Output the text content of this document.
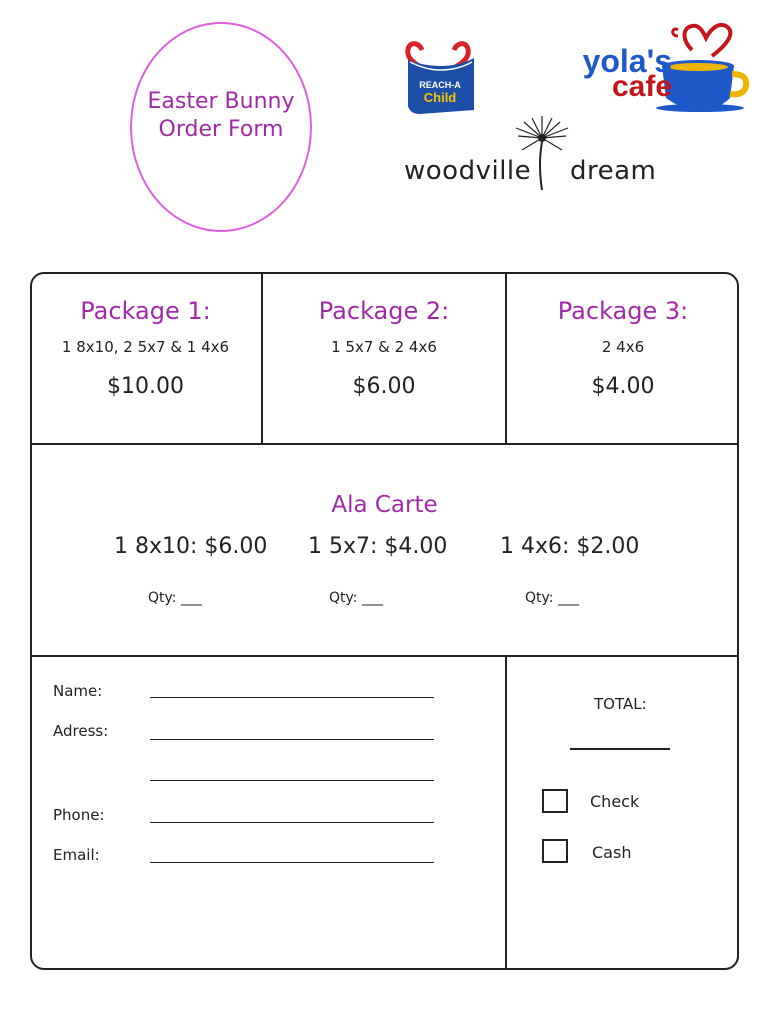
Easter Bunny
Order Form
REACH-A
Child
yola's
cafe
woodville dream
Package 1:
1 8x10, 2 5x7 & 1 4x6
$10.00
Package 2:
1 5x7 & 2 4x6
$6.00
Package 3:
2 4x6
$4.00
Ala Carte
1 8x10: $6.00 1 5x7: $4.00 1 4x6: $2.00
Qty: ___	Qty: ___	Qty: ___
Name:
Adress:
Phone:
Email:
TOTAL:
Check
Cash
